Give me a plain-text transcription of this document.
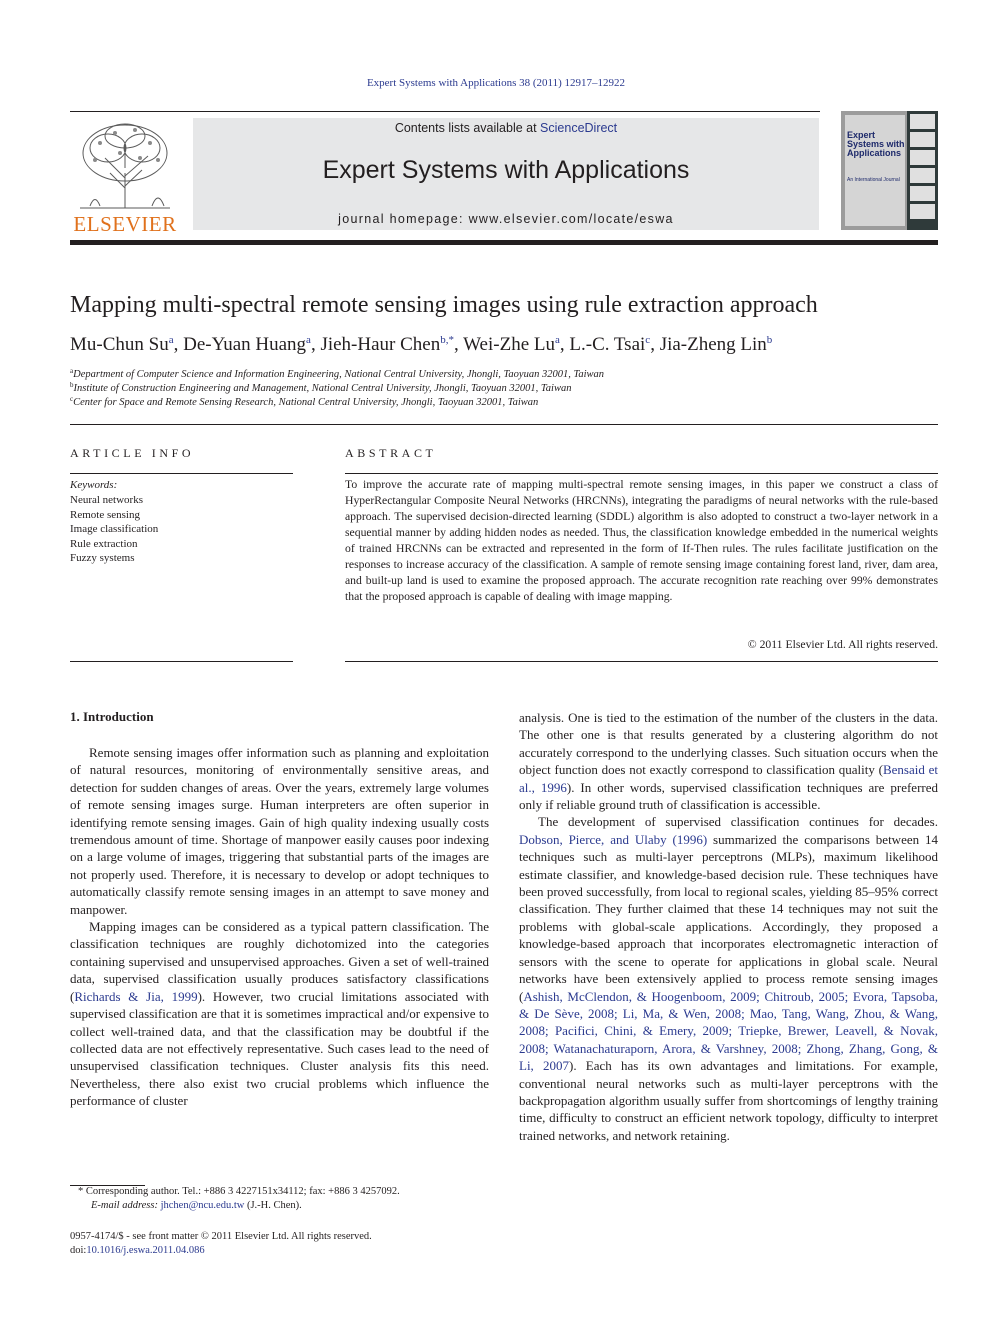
Expert Systems with Applications 38 (2011) 12917–12922
ELSEVIER
Contents lists available at ScienceDirect
Expert Systems with Applications
journal homepage: www.elsevier.com/locate/eswa
Expert Systems with Applications
An International Journal
Mapping multi-spectral remote sensing images using rule extraction approach
Mu-Chun Su$^a$, De-Yuan Huang$^a$, Jieh-Haur Chen$^{b,*}$, Wei-Zhe Lu$^a$, L.-C. Tsai$^c$, Jia-Zheng Lin$^b$
$^a$Department of Computer Science and Information Engineering, National Central University, Jhongli, Taoyuan 32001, Taiwan
$^b$Institute of Construction Engineering and Management, National Central University, Jhongli, Taoyuan 32001, Taiwan
$^c$Center for Space and Remote Sensing Research, National Central University, Jhongli, Taoyuan 32001, Taiwan
ARTICLE INFO
Keywords:
Neural networks
Remote sensing
Image classification
Rule extraction
Fuzzy systems
ABSTRACT
To improve the accurate rate of mapping multi-spectral remote sensing images, in this paper we construct a class of HyperRectangular Composite Neural Networks (HRCNNs), integrating the paradigms of neural networks with the rule-based approach. The supervised decision-directed learning (SDDL) algorithm is also adopted to construct a two-layer network in a sequential manner by adding hidden nodes as needed. Thus, the classification knowledge embedded in the numerical weights of trained HRCNNs can be extracted and represented in the form of If-Then rules. The rules facilitate justification on the responses to increase accuracy of the classification. A sample of remote sensing image containing forest land, river, dam area, and built-up land is used to examine the proposed approach. The accurate recognition rate reaching over 99% demonstrates that the proposed approach is capable of dealing with image mapping.
© 2011 Elsevier Ltd. All rights reserved.
1. Introduction

Remote sensing images offer information such as planning and exploitation of natural resources, monitoring of environmentally sensitive areas, and detection for sudden changes of areas. Over the years, extremely large volumes of remote sensing images surge. Human interpreters are often superior in identifying remote sensing images. Gain of high quality indexing usually costs tremendous amount of time. Shortage of manpower easily causes poor indexing on a large volume of images, triggering that substantial parts of the images are not properly used. Therefore, it is necessary to develop or adopt techniques to automatically classify remote sensing images in an attempt to save money and manpower.

Mapping images can be considered as a typical pattern classification. The classification techniques are roughly dichotomized into the categories containing supervised and unsupervised approaches. Given a set of well-trained data, supervised classification usually produces satisfactory classifications (Richards & Jia, 1999). However, two crucial limitations associated with supervised classification are that it is sometimes impractical and/or expensive to collect well-trained data, and that the classification may be doubtful if the collected data are not effectively representative. Such cases lead to the need of unsupervised classification techniques. Cluster analysis fits this need. Nevertheless, there also exist two crucial problems which influence the performance of cluster

analysis. One is tied to the estimation of the number of the clusters in the data. The other one is that results generated by a clustering algorithm do not accurately correspond to the underlying classes. Such situation occurs when the object function does not exactly correspond to classification quality (Bensaid et al., 1996). In other words, supervised classification techniques are preferred only if reliable ground truth of classification is accessible.

The development of supervised classification continues for decades. Dobson, Pierce, and Ulaby (1996) summarized the comparisons between 14 techniques such as multi-layer perceptrons (MLPs), maximum likelihood estimate classifier, and knowledge-based decision rule. These techniques have been proved successfully, from local to regional scales, yielding 85–95% correct classification. They further claimed that these 14 techniques may not suit the problems with global-scale applications. Accordingly, they proposed a knowledge-based approach that incorporates electromagnetic interaction of sensors with the scene to operate for applications in global scale. Neural networks have been extensively applied to process remote sensing images (Ashish, McClendon, & Hoogenboom, 2009; Chitroub, 2005; Evora, Tapsoba, & De Sève, 2008; Li, Ma, & Wen, 2008; Mao, Tang, Wang, Zhou, & Wang, 2008; Pacifici, Chini, & Emery, 2009; Triepke, Brewer, Leavell, & Novak, 2008; Watanachaturaporn, Arora, & Varshney, 2008; Zhong, Zhang, Gong, & Li, 2007). Each has its own advantages and limitations. For example, conventional neural networks such as multi-layer perceptrons with the backpropagation algorithm usually suffer from shortcomings of lengthy training time, difficulty to construct an efficient network topology, difficulty to interpret trained networks, and network retaining.

* Corresponding author. Tel.: +886 3 4227151x34112; fax: +886 3 4257092.
E-mail address: jhchen@ncu.edu.tw (J.-H. Chen).
0957-4174/$ - see front matter © 2011 Elsevier Ltd. All rights reserved.
doi:10.1016/j.eswa.2011.04.086
